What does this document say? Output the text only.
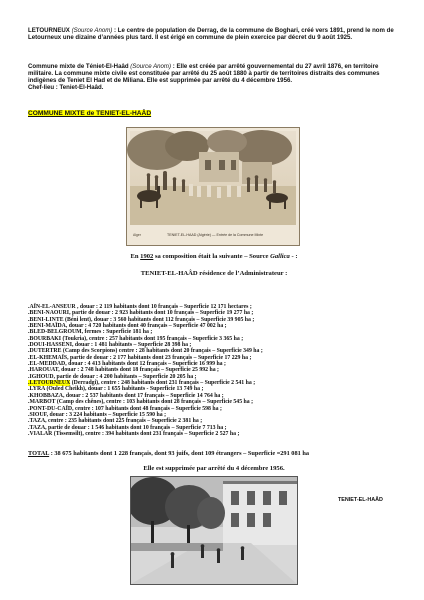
LETOURNEUX (Source Anom) : Le centre de population de Derrag, de la commune de Boghari, créé vers 1891, prend le nom de Letourneux une dizaine d’années plus tard. Il est érigé en commune de plein exercice par décret du 9 août 1925.

Commune mixte de Téniet-El-Haâd (Source Anom) : Elle est créée par arrêté gouvernemental du 27 avril 1876, en territoire militaire. La commune mixte civile est constituée par arrêté du 25 août 1880 à partir de territoires distraits des communes indigènes de Teniet El Had et de Miliana. Elle est supprimée par arrêté du 4 décembre 1956.
Chef-lieu : Teniet-El-Haâd.

COMMUNE MIXTE de TENIET-EL-HAÂD
Alger	TENIET-EL-HAAD (Algérie) — Entrée de la Commune Mixte
En 1902 sa composition était la suivante – Source Gallica - :
TENIET-EL-HAÂD résidence de l’Administrateur :
.AÏN-EL-ANSEUR , douar : 2 119 habitants dont 10 français – Superficie 12 171 hectares ;
.BENI-NAOURI, partie de douar : 2 923 habitants dont 10 français – Superficie 19 277 ha ;
.BENI-LINTE (Béni lent), douar : 3 560 habitants dont 112 français – Superficie 39 905 ha ;
.BENI-MAÏDA, douar : 4 720 habitants dont 40 français – Superficie 47 002 ha ;
.BLED-BELGROUM, fermes : Superficie 181 ha ;
.BOURBAKI (Toukria), centre : 257 habitants dont 195 français – Superficie 3 365 ha ;
.DOUI-HASSENI, douar : 1 481 habitants – Superficie 28 398 ha ;
.DUTERTRE (Camp des Scorpions) centre : 28 habitants dont 20 français – Superficie 349 ha ;
.EL-KHEMAÏS, partie de douar : 2 177 habitants dont 23 français – Superficie 17 229 ha ;
.EL-MEDDAD, douar : 4 413 habitants dont 12 français – Superficie 16 999 ha ;
.HAROUAT, douar : 2 748 habitants dont 18 français – Superficie 25 992 ha ;
.IGHOUD, partie de douar : 4 200 habitants – Superficie 20 205 ha ;
.LETOURNEUX (Derradgi), centre : 248 habitants dont 231 français – Superficie 2 541 ha ;
.LYRA (Ouled Cheikh), douar : 1 655 habitants - Superficie 13 749 ha ;
.KHOBBAZA, douar : 2 537 habitants dont 17 français – Superficie 14 764 ha ;
.MARBOT (Camp des chênes), centre : 103 habitants dont 28 français – Superficie 545 ha ;
.PONT-DU-CAÏD, centre : 107 habitants dont 48 français – Superficie 598 ha ;
.SIOUF, douar : 3 224 habitants – Superficie 15 590 ha ;
.TAZA, centre : 235 habitants dont 225 français – Superficie 2 381 ha ;
.TAZA, partie de douar : 1 546 habitants dont 10 français – Superficie 7 713 ha ;
.VIALAR (Tissemsilt), centre : 394 habitants dont 231 français – Superficie 2 527 ha ;
TOTAL : 38 675 habitants dont 1 228 français, dont 93 juifs, dont 109 étrangers – Superficie =291 081 ha
Elle est supprimée par arrêté du 4 décembre 1956.
TENIET-EL-HAÂD
